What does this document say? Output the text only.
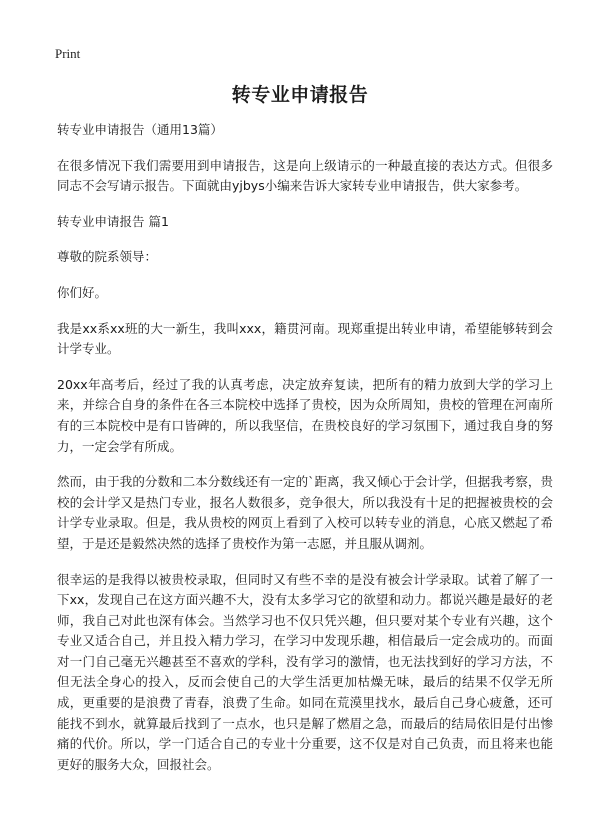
Print
转专业申请报告

转专业申请报告（通用13篇）

在很多情况下我们需要用到申请报告，这是向上级请示的一种最直接的表达方式。但很多同志不会写请示报告。下面就由yjbys小编来告诉大家转专业申请报告，供大家参考。

转专业申请报告 篇1

尊敬的院系领导：

你们好。

我是xx系xx班的大一新生，我叫xxx，籍贯河南。现郑重提出转业申请，希望能够转到会计学专业。

20xx年高考后，经过了我的认真考虑，决定放弃复读，把所有的精力放到大学的学习上来，并综合自身的条件在各三本院校中选择了贵校，因为众所周知，贵校的管理在河南所有的三本院校中是有口皆碑的，所以我坚信，在贵校良好的学习氛围下，通过我自身的努力，一定会学有所成。

然而，由于我的分数和二本分数线还有一定的`距离，我又倾心于会计学，但据我考察，贵校的会计学又是热门专业，报名人数很多，竞争很大，所以我没有十足的把握被贵校的会计学专业录取。但是，我从贵校的网页上看到了入校可以转专业的消息，心底又燃起了希望，于是还是毅然决然的选择了贵校作为第一志愿，并且服从调剂。

很幸运的是我得以被贵校录取，但同时又有些不幸的是没有被会计学录取。试着了解了一下xx，发现自己在这方面兴趣不大，没有太多学习它的欲望和动力。都说兴趣是最好的老师，我自己对此也深有体会。当然学习也不仅只凭兴趣，但只要对某个专业有兴趣，这个专业又适合自己，并且投入精力学习，在学习中发现乐趣，相信最后一定会成功的。而面对一门自己毫无兴趣甚至不喜欢的学科，没有学习的激情，也无法找到好的学习方法，不但无法全身心的投入，反而会使自己的大学生活更加枯燥无味，最后的结果不仅学无所成，更重要的是浪费了青春，浪费了生命。如同在荒漠里找水，最后自己身心疲惫，还可能找不到水，就算最后找到了一点水，也只是解了燃眉之急，而最后的结局依旧是付出惨痛的代价。所以，学一门适合自己的专业十分重要，这不仅是对自己负责，而且将来也能更好的服务大众，回报社会。
